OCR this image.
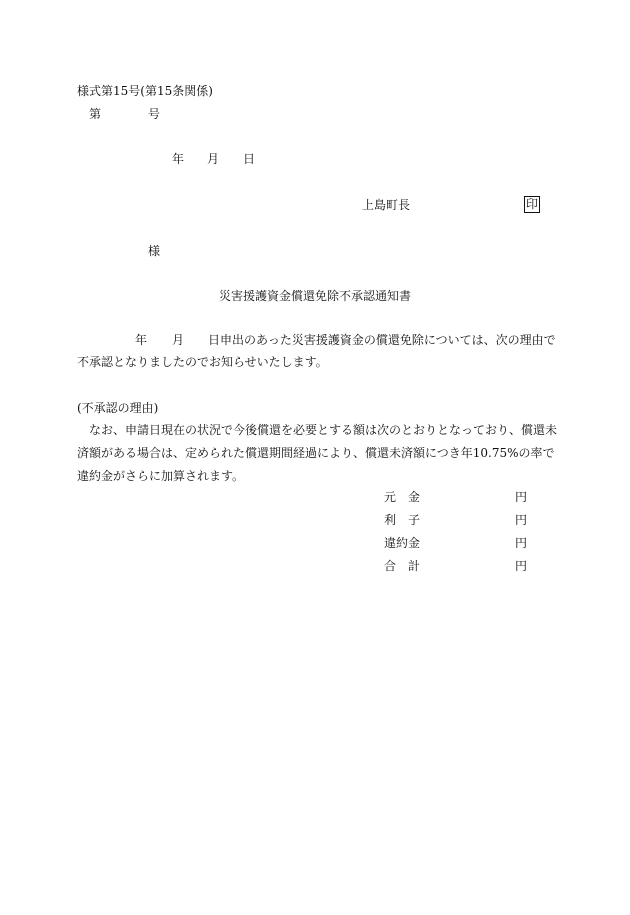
様式第15号(第15条関係)
第	号
年 月 日
上島町長	印
様
災害援護資金償還免除不承認通知書
年 月 日申出のあった災害援護資金の償還免除については、次の理由で
不承認となりましたのでお知らせいたします。
(不承認の理由)
なお、申請日現在の状況で今後償還を必要とする額は次のとおりとなっており、償還未
済額がある場合は、定められた償還期間経過により、償還未済額につき年10.75%の率で
違約金がさらに加算されます。
元　金	円
利　子	円
違約金	円
合　計	円
